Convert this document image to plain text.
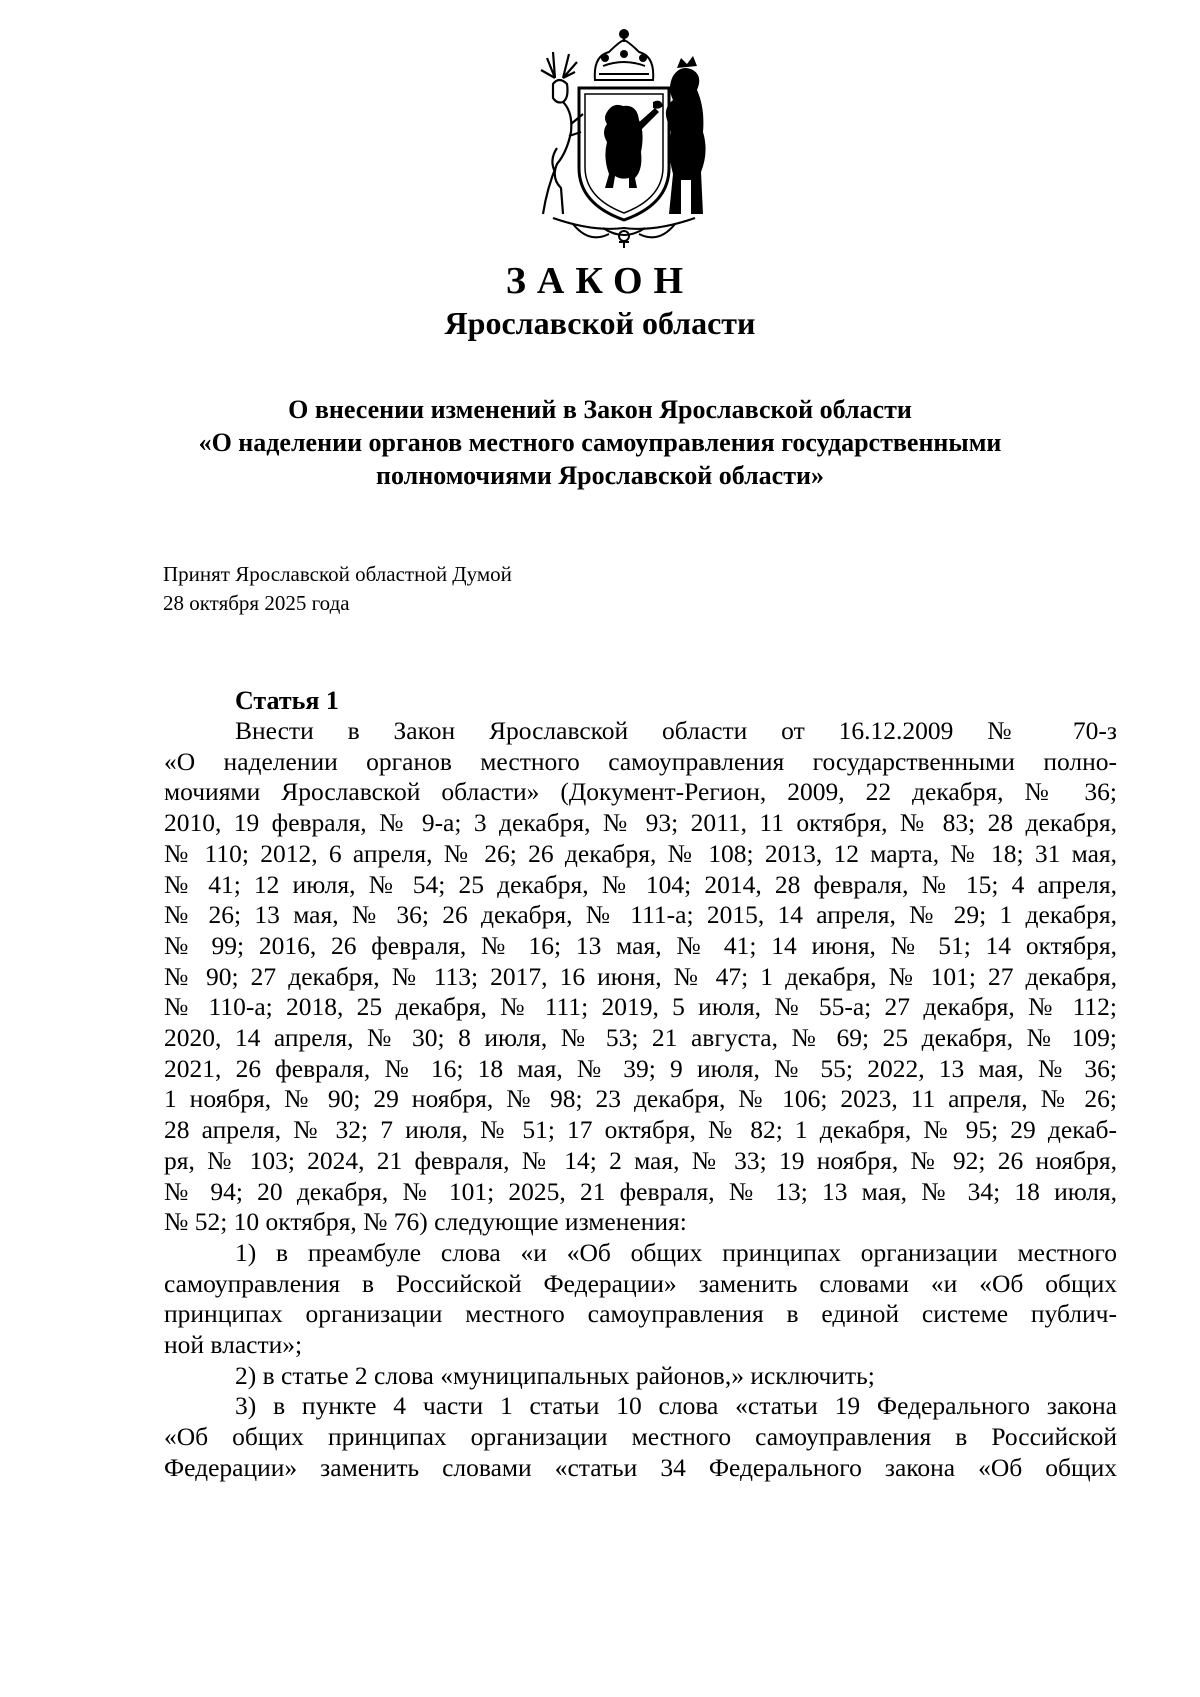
ЗАКОН
Ярославской области
О внесении изменений в Закон Ярославской области
«О наделении органов местного самоуправления государственными
полномочиями Ярославской области»
Принят Ярославской областной Думой
28 октября 2025 года
Статья 1
Внести в Закон Ярославской области от 16.12.2009 № 70-з
«О наделении органов местного самоуправления государственными полно-
мочиями Ярославской области» (Документ-Регион, 2009, 22 декабря, № 36;
2010, 19 февраля, № 9-а; 3 декабря, № 93; 2011, 11 октября, № 83; 28 декабря,
№ 110; 2012, 6 апреля, № 26; 26 декабря, № 108; 2013, 12 марта, № 18; 31 мая,
№ 41; 12 июля, № 54; 25 декабря, № 104; 2014, 28 февраля, № 15; 4 апреля,
№ 26; 13 мая, № 36; 26 декабря, № 111-а; 2015, 14 апреля, № 29; 1 декабря,
№ 99; 2016, 26 февраля, № 16; 13 мая, № 41; 14 июня, № 51; 14 октября,
№ 90; 27 декабря, № 113; 2017, 16 июня, № 47; 1 декабря, № 101; 27 декабря,
№ 110-а; 2018, 25 декабря, № 111; 2019, 5 июля, № 55-а; 27 декабря, № 112;
2020, 14 апреля, № 30; 8 июля, № 53; 21 августа, № 69; 25 декабря, № 109;
2021, 26 февраля, № 16; 18 мая, № 39; 9 июля, № 55; 2022, 13 мая, № 36;
1 ноября, № 90; 29 ноября, № 98; 23 декабря, № 106; 2023, 11 апреля, № 26;
28 апреля, № 32; 7 июля, № 51; 17 октября, № 82; 1 декабря, № 95; 29 декаб-
ря, № 103; 2024, 21 февраля, № 14; 2 мая, № 33; 19 ноября, № 92; 26 ноября,
№ 94; 20 декабря, № 101; 2025, 21 февраля, № 13; 13 мая, № 34; 18 июля,
№ 52; 10 октября, № 76) следующие изменения:
1) в преамбуле слова «и «Об общих принципах организации местного
самоуправления в Российской Федерации» заменить словами «и «Об общих
принципах организации местного самоуправления в единой системе публич-
ной власти»;
2) в статье 2 слова «муниципальных районов,» исключить;
3) в пункте 4 части 1 статьи 10 слова «статьи 19 Федерального закона
«Об общих принципах организации местного самоуправления в Российской
Федерации» заменить словами «статьи 34 Федерального закона «Об общих
